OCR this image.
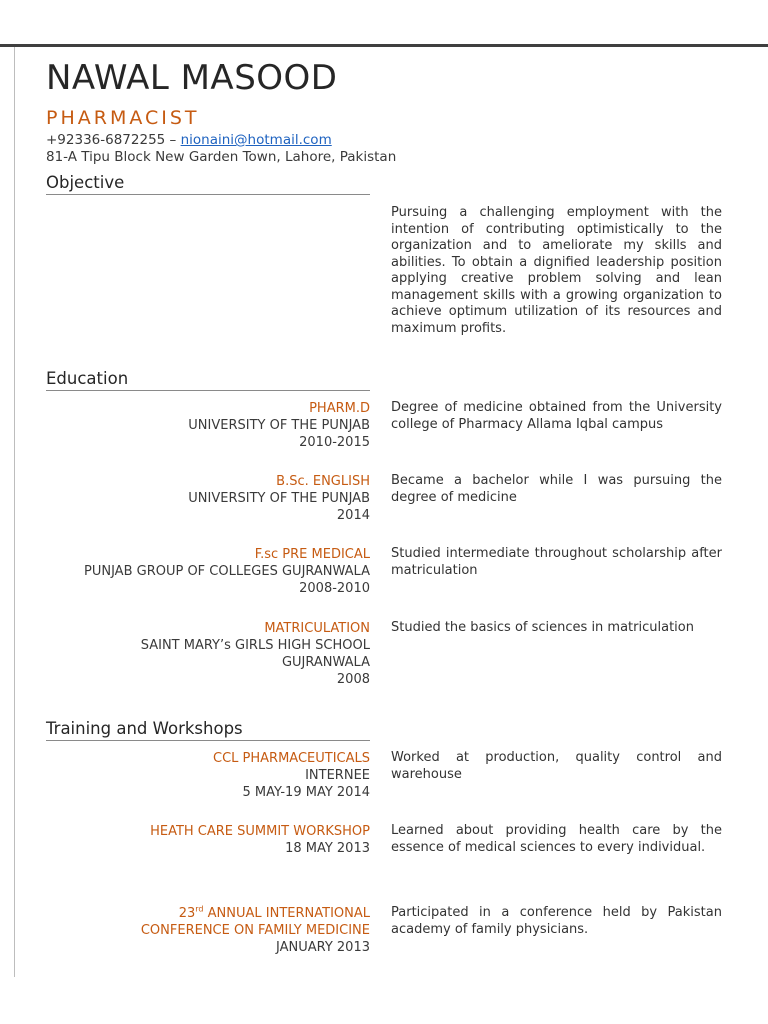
NAWAL MASOOD
PHARMACIST
+92336-6872255 – nionaini@hotmail.com
81-A Tipu Block New Garden Town, Lahore, Pakistan
Objective
Pursuing a challenging employment with the intention of contributing optimistically to the organization and to ameliorate my skills and abilities. To obtain a dignified leadership position applying creative problem solving and lean management skills with a growing organization to achieve optimum utilization of its resources and maximum profits.
Education
PHARM.D
UNIVERSITY OF THE PUNJAB
2010-2015
Degree of medicine obtained from the University college of Pharmacy Allama Iqbal campus
B.Sc. ENGLISH
UNIVERSITY OF THE PUNJAB
2014
Became a bachelor while I was pursuing the degree of medicine
F.sc PRE MEDICAL
PUNJAB GROUP OF COLLEGES GUJRANWALA
2008-2010
Studied intermediate throughout scholarship after matriculation
MATRICULATION
SAINT MARY’s GIRLS HIGH SCHOOL
GUJRANWALA
2008
Studied the basics of sciences in matriculation
Training and Workshops
CCL PHARMACEUTICALS
INTERNEE
5 MAY-19 MAY 2014
Worked at production, quality control and warehouse
HEATH CARE SUMMIT WORKSHOP
18 MAY 2013
Learned about providing health care by the essence of medical sciences to every individual.
23rd ANNUAL INTERNATIONAL
CONFERENCE ON FAMILY MEDICINE
JANUARY 2013
Participated in a conference held by Pakistan academy of family physicians.
